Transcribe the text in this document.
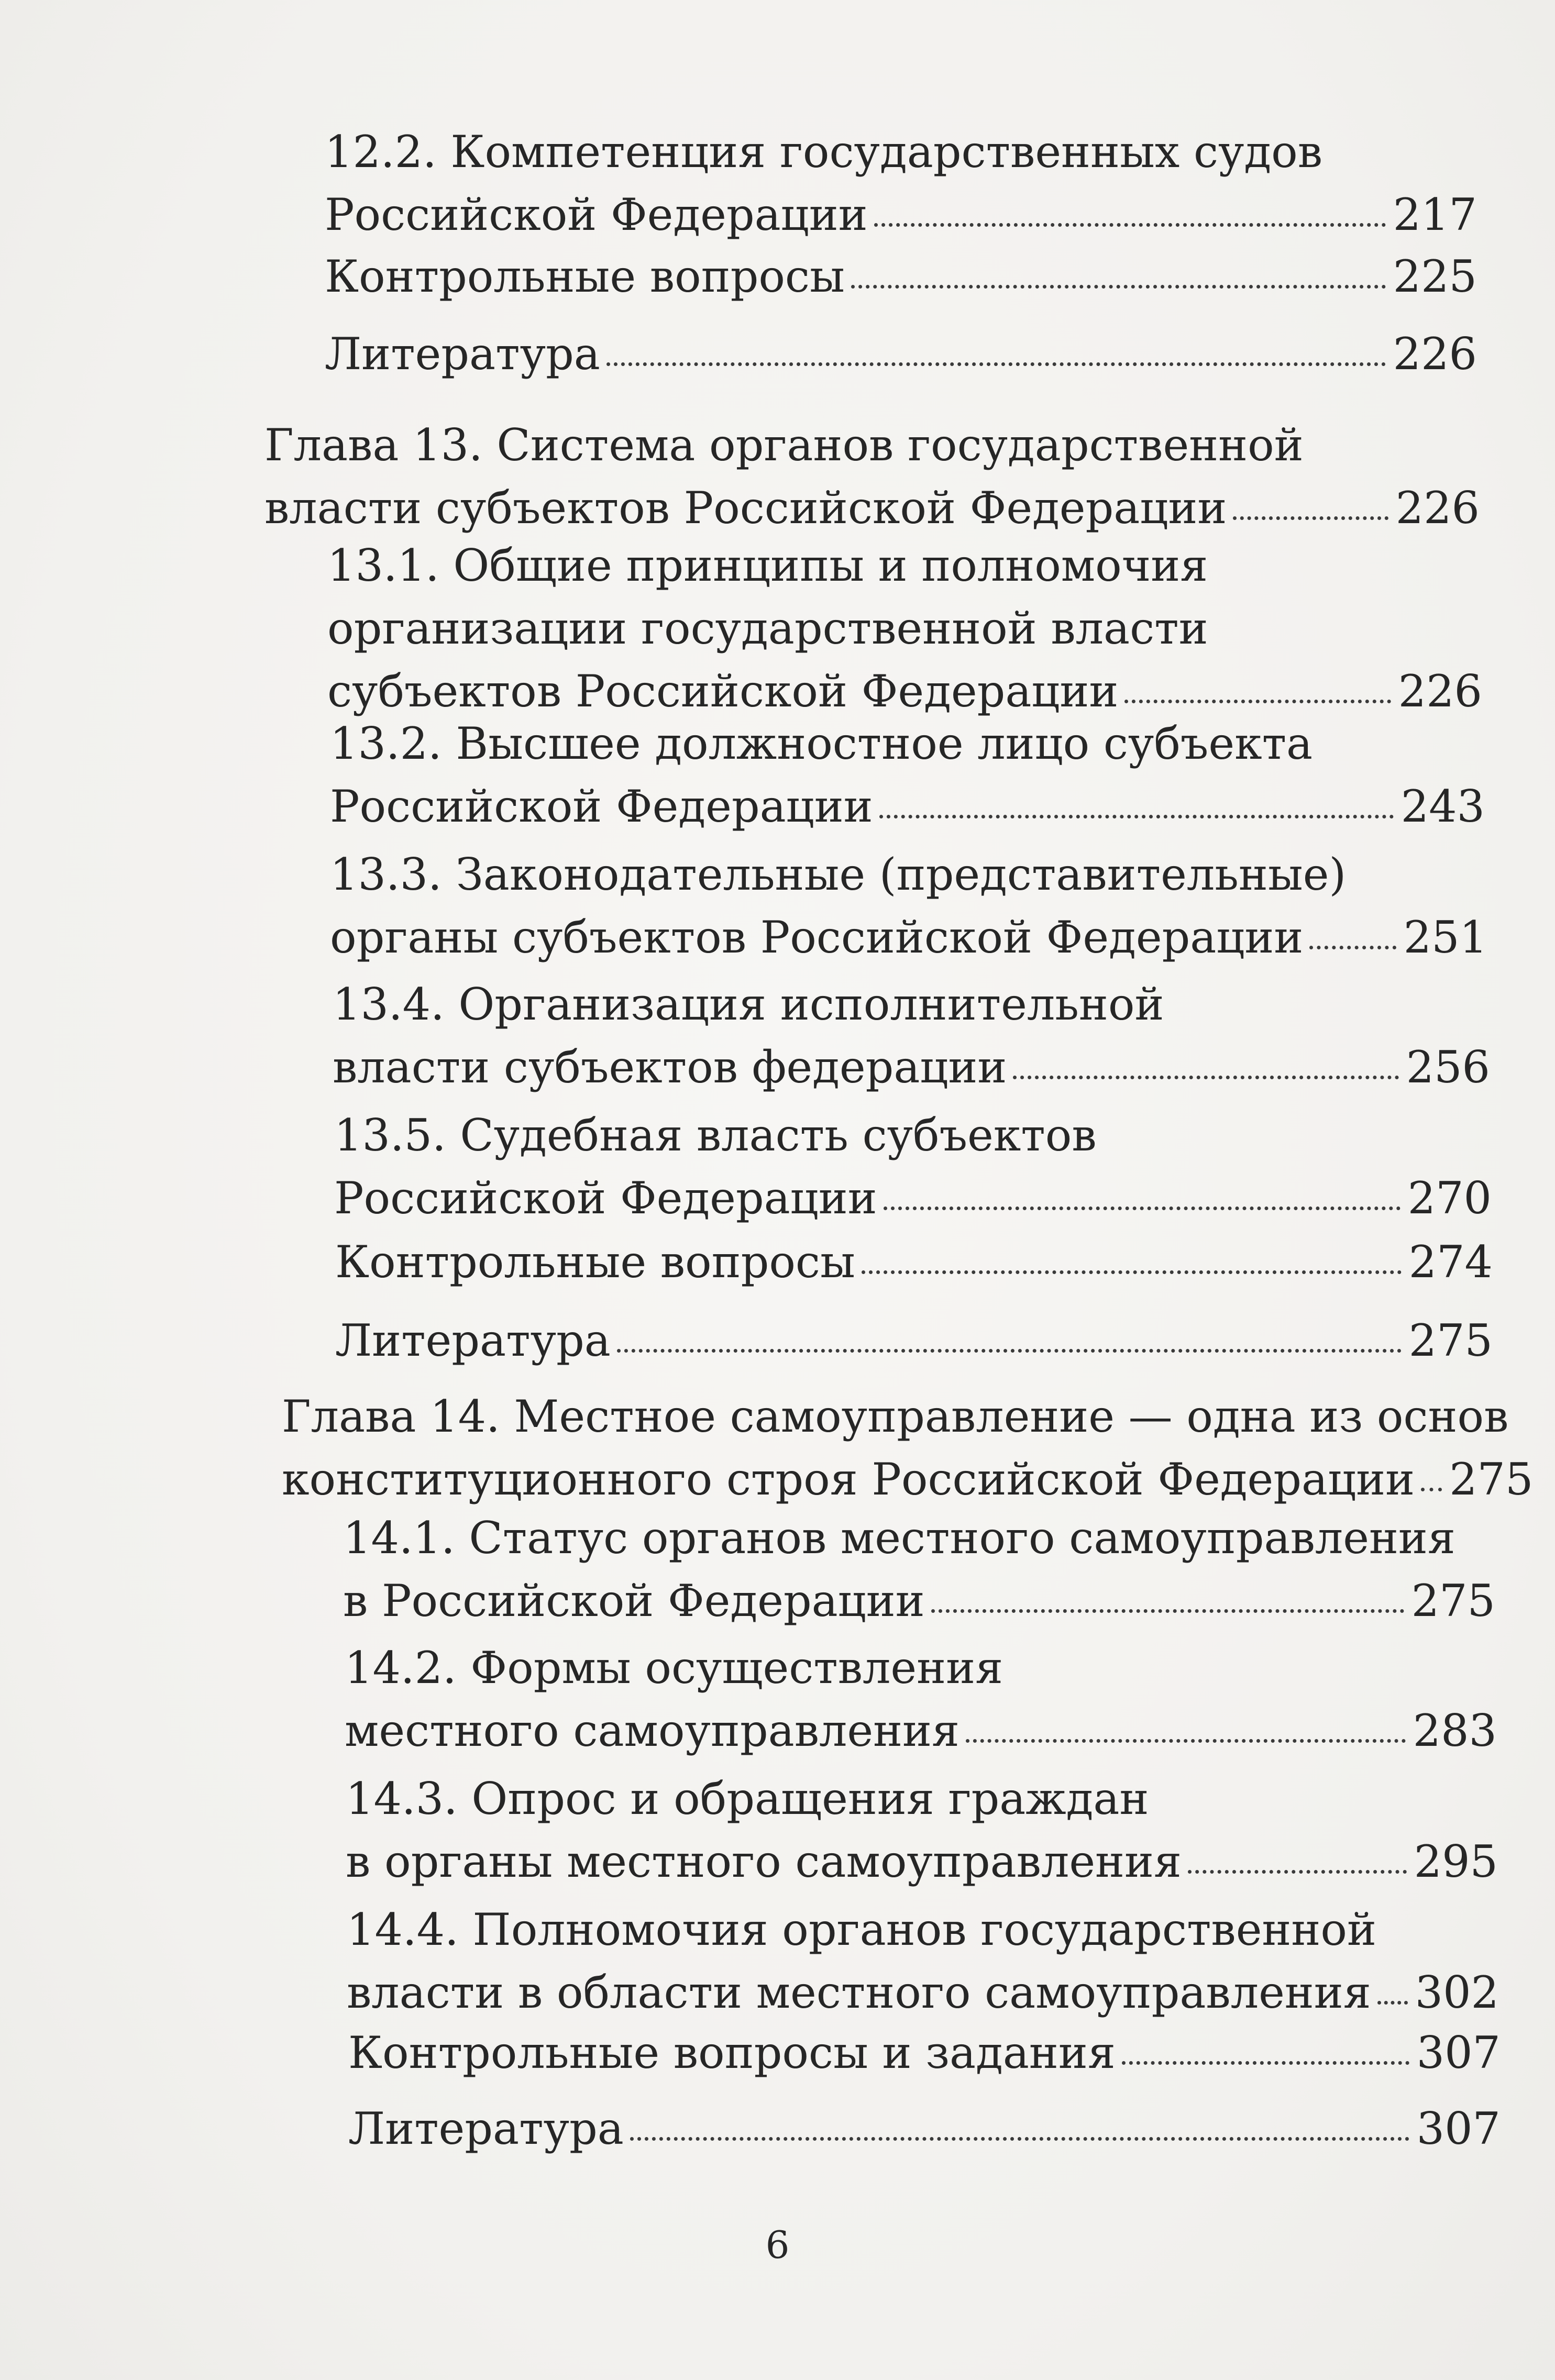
12.2. Компетенция государственных судов
Российской Федерации	217
Контрольные вопросы	225
Литература	226
Глава 13. Система органов государственной
власти субъектов Российской Федерации	226
13.1. Общие принципы и полномочия
организации государственной власти
субъектов Российской Федерации	226
13.2. Высшее должностное лицо субъекта
Российской Федерации	243
13.3. Законодательные (представительные)
органы субъектов Российской Федерации 251
13.4. Организация исполнительной
власти субъектов федерации	256
13.5. Судебная власть субъектов
Российской Федерации	270
Контрольные вопросы	274
Литература	275
Глава 14. Местное самоуправление — одна из основ
конституционного строя Российской Федерации 275
14.1. Статус органов местного самоуправления
в Российской Федерации	275
14.2. Формы осуществления
местного самоуправления	283
14.3. Опрос и обращения граждан
в органы местного самоуправления	295
14.4. Полномочия органов государственной
власти в области местного самоуправления 302
Контрольные вопросы и задания	307
Литература	307
6
